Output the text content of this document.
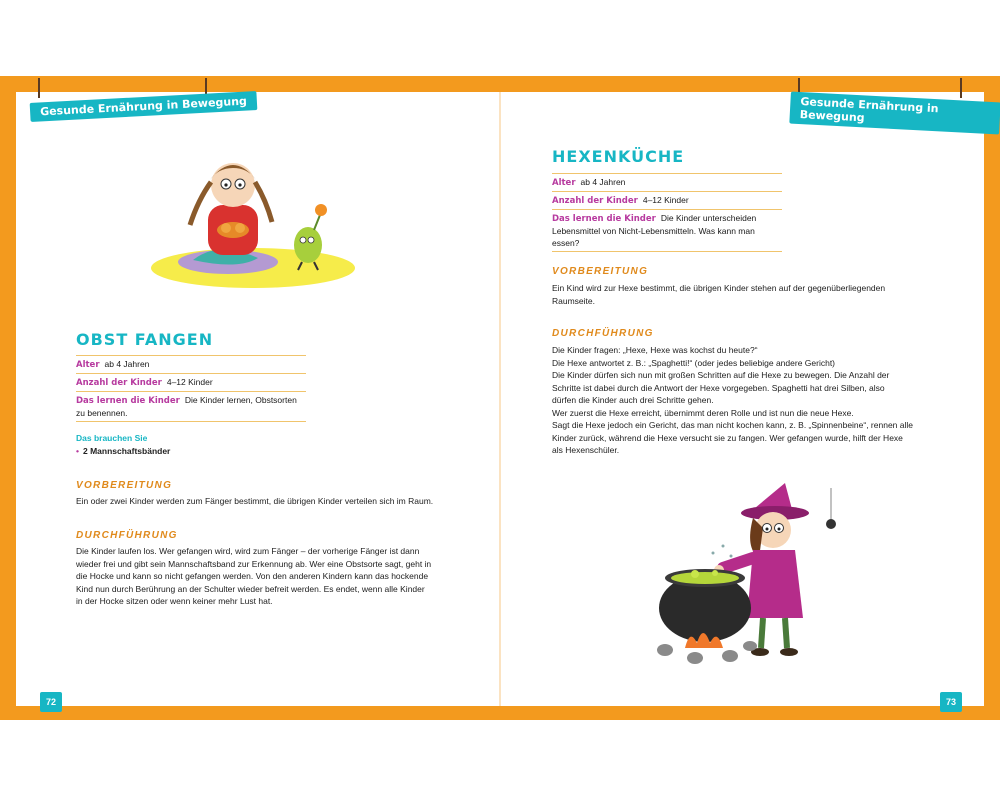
Gesunde Ernährung in Bewegung	Gesunde Ernährung in Bewegung
OBST FANGEN
Alter ab 4 Jahren
Anzahl der Kinder 4–12 Kinder
Das lernen die Kinder Die Kinder lernen, Obstsorten zu benennen.
Das brauchen Sie
• 2 Mannschaftsbänder
VORBEREITUNG
Ein oder zwei Kinder werden zum Fänger bestimmt, die übrigen Kinder verteilen sich im Raum.
DURCHFÜHRUNG
Die Kinder laufen los. Wer gefangen wird, wird zum Fänger – der vorherige Fänger ist dann
wieder frei und gibt sein Mannschaftsband zur Erkennung ab. Wer eine Obstsorte sagt, geht in
die Hocke und kann so nicht gefangen werden. Von den anderen Kindern kann das hockende
Kind nun durch Berührung an der Schulter wieder befreit werden. Es endet, wenn alle Kinder
in der Hocke sitzen oder wenn keiner mehr Lust hat.
72
HEXENKÜCHE
Alter ab 4 Jahren
Anzahl der Kinder 4–12 Kinder
Das lernen die Kinder Die Kinder unterscheiden Lebensmittel von Nicht-Lebensmitteln. Was kann man essen?
VORBEREITUNG
Ein Kind wird zur Hexe bestimmt, die übrigen Kinder stehen auf der gegenüberliegenden
Raumseite.
DURCHFÜHRUNG
Die Kinder fragen: „Hexe, Hexe was kochst du heute?“
Die Hexe antwortet z. B.: „Spaghetti!“ (oder jedes beliebige andere Gericht)
Die Kinder dürfen sich nun mit großen Schritten auf die Hexe zu bewegen. Die Anzahl der
Schritte ist dabei durch die Antwort der Hexe vorgegeben. Spaghetti hat drei Silben, also
dürfen die Kinder auch drei Schritte gehen.
Wer zuerst die Hexe erreicht, übernimmt deren Rolle und ist nun die neue Hexe.
Sagt die Hexe jedoch ein Gericht, das man nicht kochen kann, z. B. „Spinnenbeine“, rennen alle
Kinder zurück, während die Hexe versucht sie zu fangen. Wer gefangen wurde, hilft der Hexe
als Hexenschüler.
73
